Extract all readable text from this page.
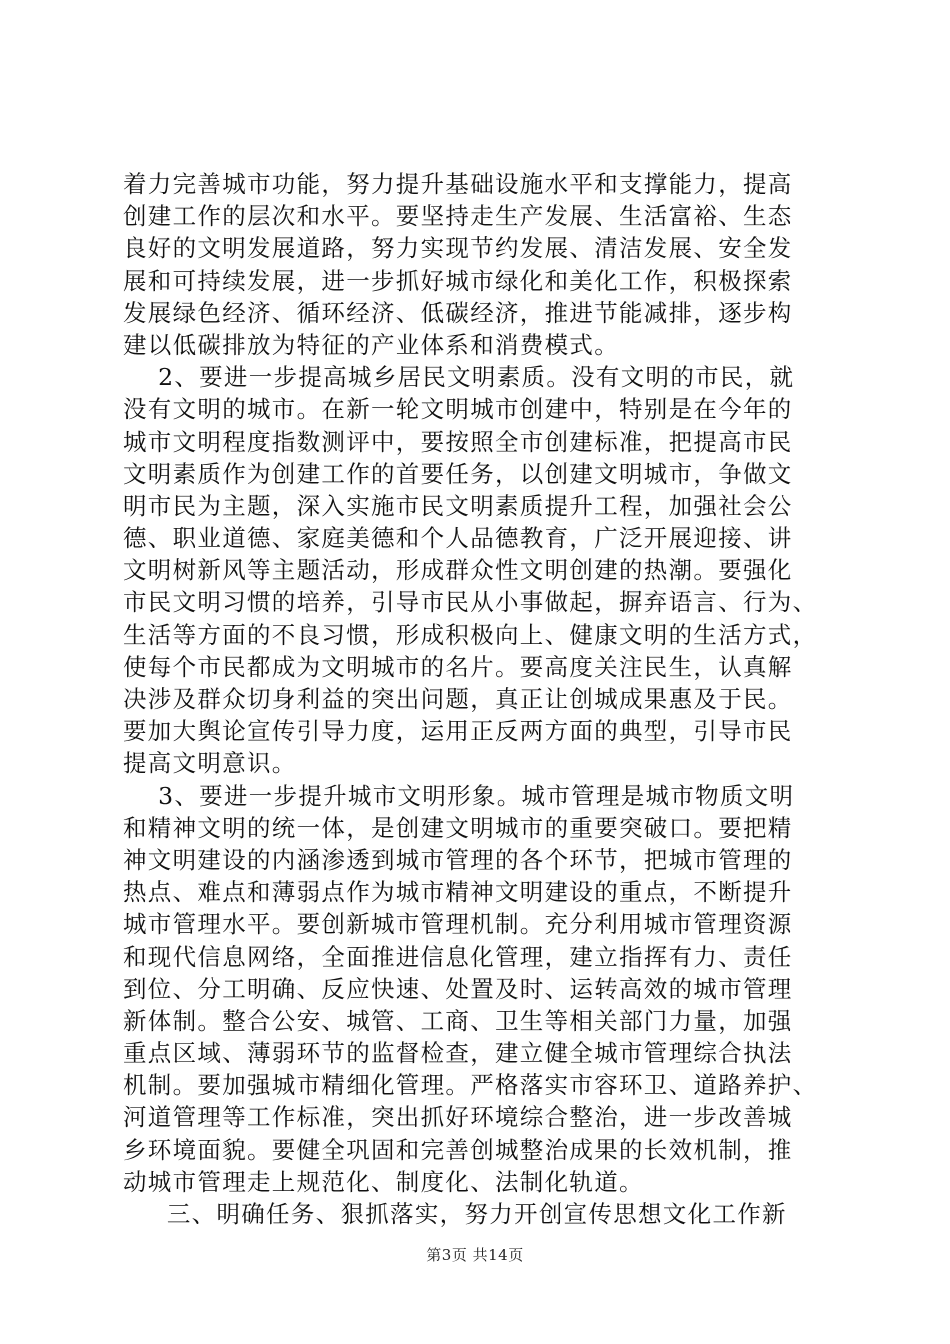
着力完善城市功能，努力提升基础设施水平和支撑能力，提高
创建工作的层次和水平。要坚持走生产发展、生活富裕、生态
良好的文明发展道路，努力实现节约发展、清洁发展、安全发
展和可持续发展，进一步抓好城市绿化和美化工作，积极探索
发展绿色经济、循环经济、低碳经济，推进节能减排，逐步构
建以低碳排放为特征的产业体系和消费模式。
2、要进一步提高城乡居民文明素质。没有文明的市民，就
没有文明的城市。在新一轮文明城市创建中，特别是在今年的
城市文明程度指数测评中，要按照全市创建标准，把提高市民
文明素质作为创建工作的首要任务，以创建文明城市，争做文
明市民为主题，深入实施市民文明素质提升工程，加强社会公
德、职业道德、家庭美德和个人品德教育，广泛开展迎接、讲
文明树新风等主题活动，形成群众性文明创建的热潮。要强化
市民文明习惯的培养，引导市民从小事做起，摒弃语言、行为、
生活等方面的不良习惯，形成积极向上、健康文明的生活方式，
使每个市民都成为文明城市的名片。要高度关注民生，认真解
决涉及群众切身利益的突出问题，真正让创城成果惠及于民。
要加大舆论宣传引导力度，运用正反两方面的典型，引导市民
提高文明意识。
3、要进一步提升城市文明形象。城市管理是城市物质文明
和精神文明的统一体，是创建文明城市的重要突破口。要把精
神文明建设的内涵渗透到城市管理的各个环节，把城市管理的
热点、难点和薄弱点作为城市精神文明建设的重点，不断提升
城市管理水平。要创新城市管理机制。充分利用城市管理资源
和现代信息网络，全面推进信息化管理，建立指挥有力、责任
到位、分工明确、反应快速、处置及时、运转高效的城市管理
新体制。整合公安、城管、工商、卫生等相关部门力量，加强
重点区域、薄弱环节的监督检查，建立健全城市管理综合执法
机制。要加强城市精细化管理。严格落实市容环卫、道路养护、
河道管理等工作标准，突出抓好环境综合整治，进一步改善城
乡环境面貌。要健全巩固和完善创城整治成果的长效机制，推
动城市管理走上规范化、制度化、法制化轨道。
三、明确任务、狠抓落实，努力开创宣传思想文化工作新
第3页 共14页
